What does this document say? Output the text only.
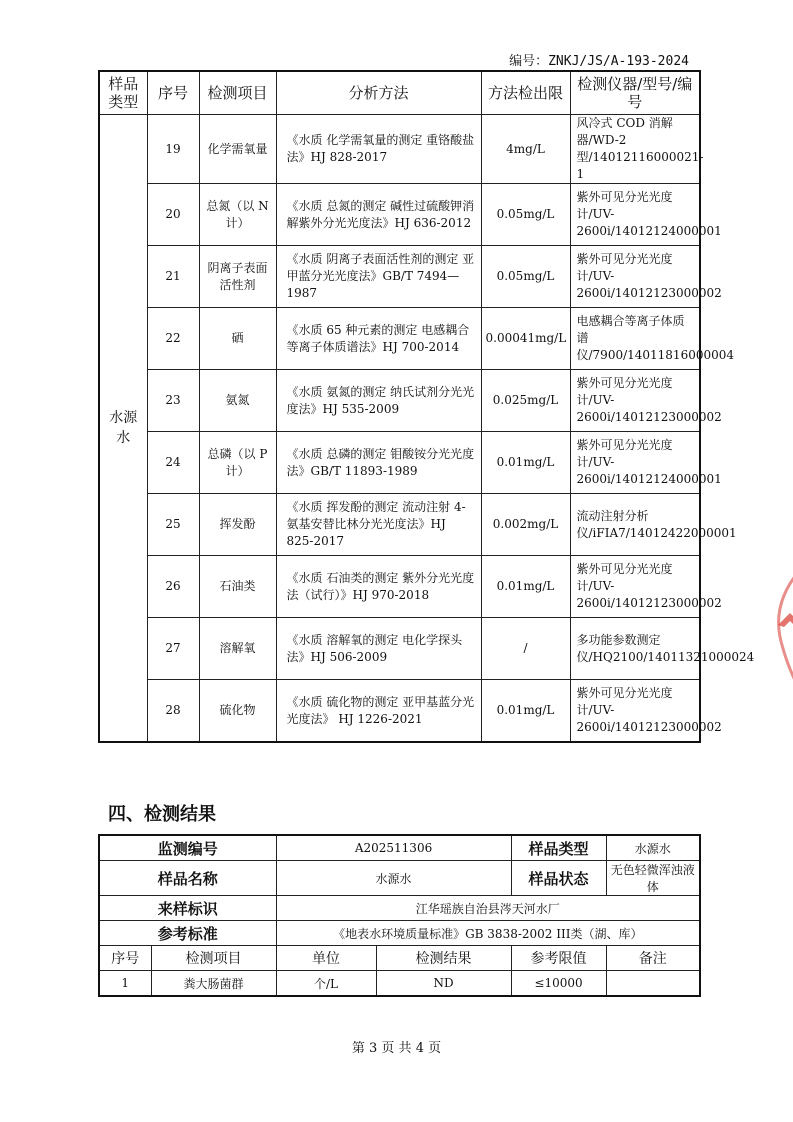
编号：ZNKJ/JS/A-193-2024
样品类型	序号	检测项目	分析方法	方法检出限	检测仪器/型号/编号
水源水	19	化学需氧量	《水质 化学需氧量的测定 重铬酸盐法》HJ 828-2017	4mg/L	风冷式 COD 消解器/WD-2 型/14012116000021-1
	20	总氮（以 N 计）	《水质 总氮的测定 碱性过硫酸钾消解紫外分光光度法》HJ 636-2012	0.05mg/L	紫外可见分光光度计/UV-2600i/14012124000001
	21	阴离子表面活性剂	《水质 阴离子表面活性剂的测定 亚甲蓝分光光度法》GB/T 7494—1987	0.05mg/L	紫外可见分光光度计/UV-2600i/14012123000002
	22	硒	《水质 65 种元素的测定 电感耦合等离子体质谱法》HJ 700-2014	0.00041mg/L	电感耦合等离子体质谱仪/7900/14011816000004
	23	氨氮	《水质 氨氮的测定 纳氏试剂分光光度法》HJ 535-2009	0.025mg/L	紫外可见分光光度计/UV-2600i/14012123000002
	24	总磷（以 P 计）	《水质 总磷的测定 钼酸铵分光光度法》GB/T 11893-1989	0.01mg/L	紫外可见分光光度计/UV-2600i/14012124000001
	25	挥发酚	《水质 挥发酚的测定 流动注射 4-氨基安替比林分光光度法》HJ 825-2017	0.002mg/L	流动注射分析仪/iFIA7/14012422000001
	26	石油类	《水质 石油类的测定 紫外分光光度法（试行）》HJ 970-2018	0.01mg/L	紫外可见分光光度计/UV-2600i/14012123000002
	27	溶解氧	《水质 溶解氧的测定 电化学探头法》HJ 506-2009	/	多功能参数测定仪/HQ2100/14011321000024
	28	硫化物	《水质 硫化物的测定 亚甲基蓝分光光度法》 HJ 1226-2021	0.01mg/L	紫外可见分光光度计/UV-2600i/14012123000002
四、检测结果
监测编号		A202511306		样品类型	水源水
样品名称		水源水		样品状态	无色轻微浑浊液体
来样标识		江华瑶族自治县涔天河水厂			
参考标准		《地表水环境质量标准》GB 3838-2002 III类（湖、库）			
序号	检测项目	单位	检测结果	参考限值	备注
1	粪大肠菌群	个/L	ND	≤10000	
第 3 页 共 4 页
